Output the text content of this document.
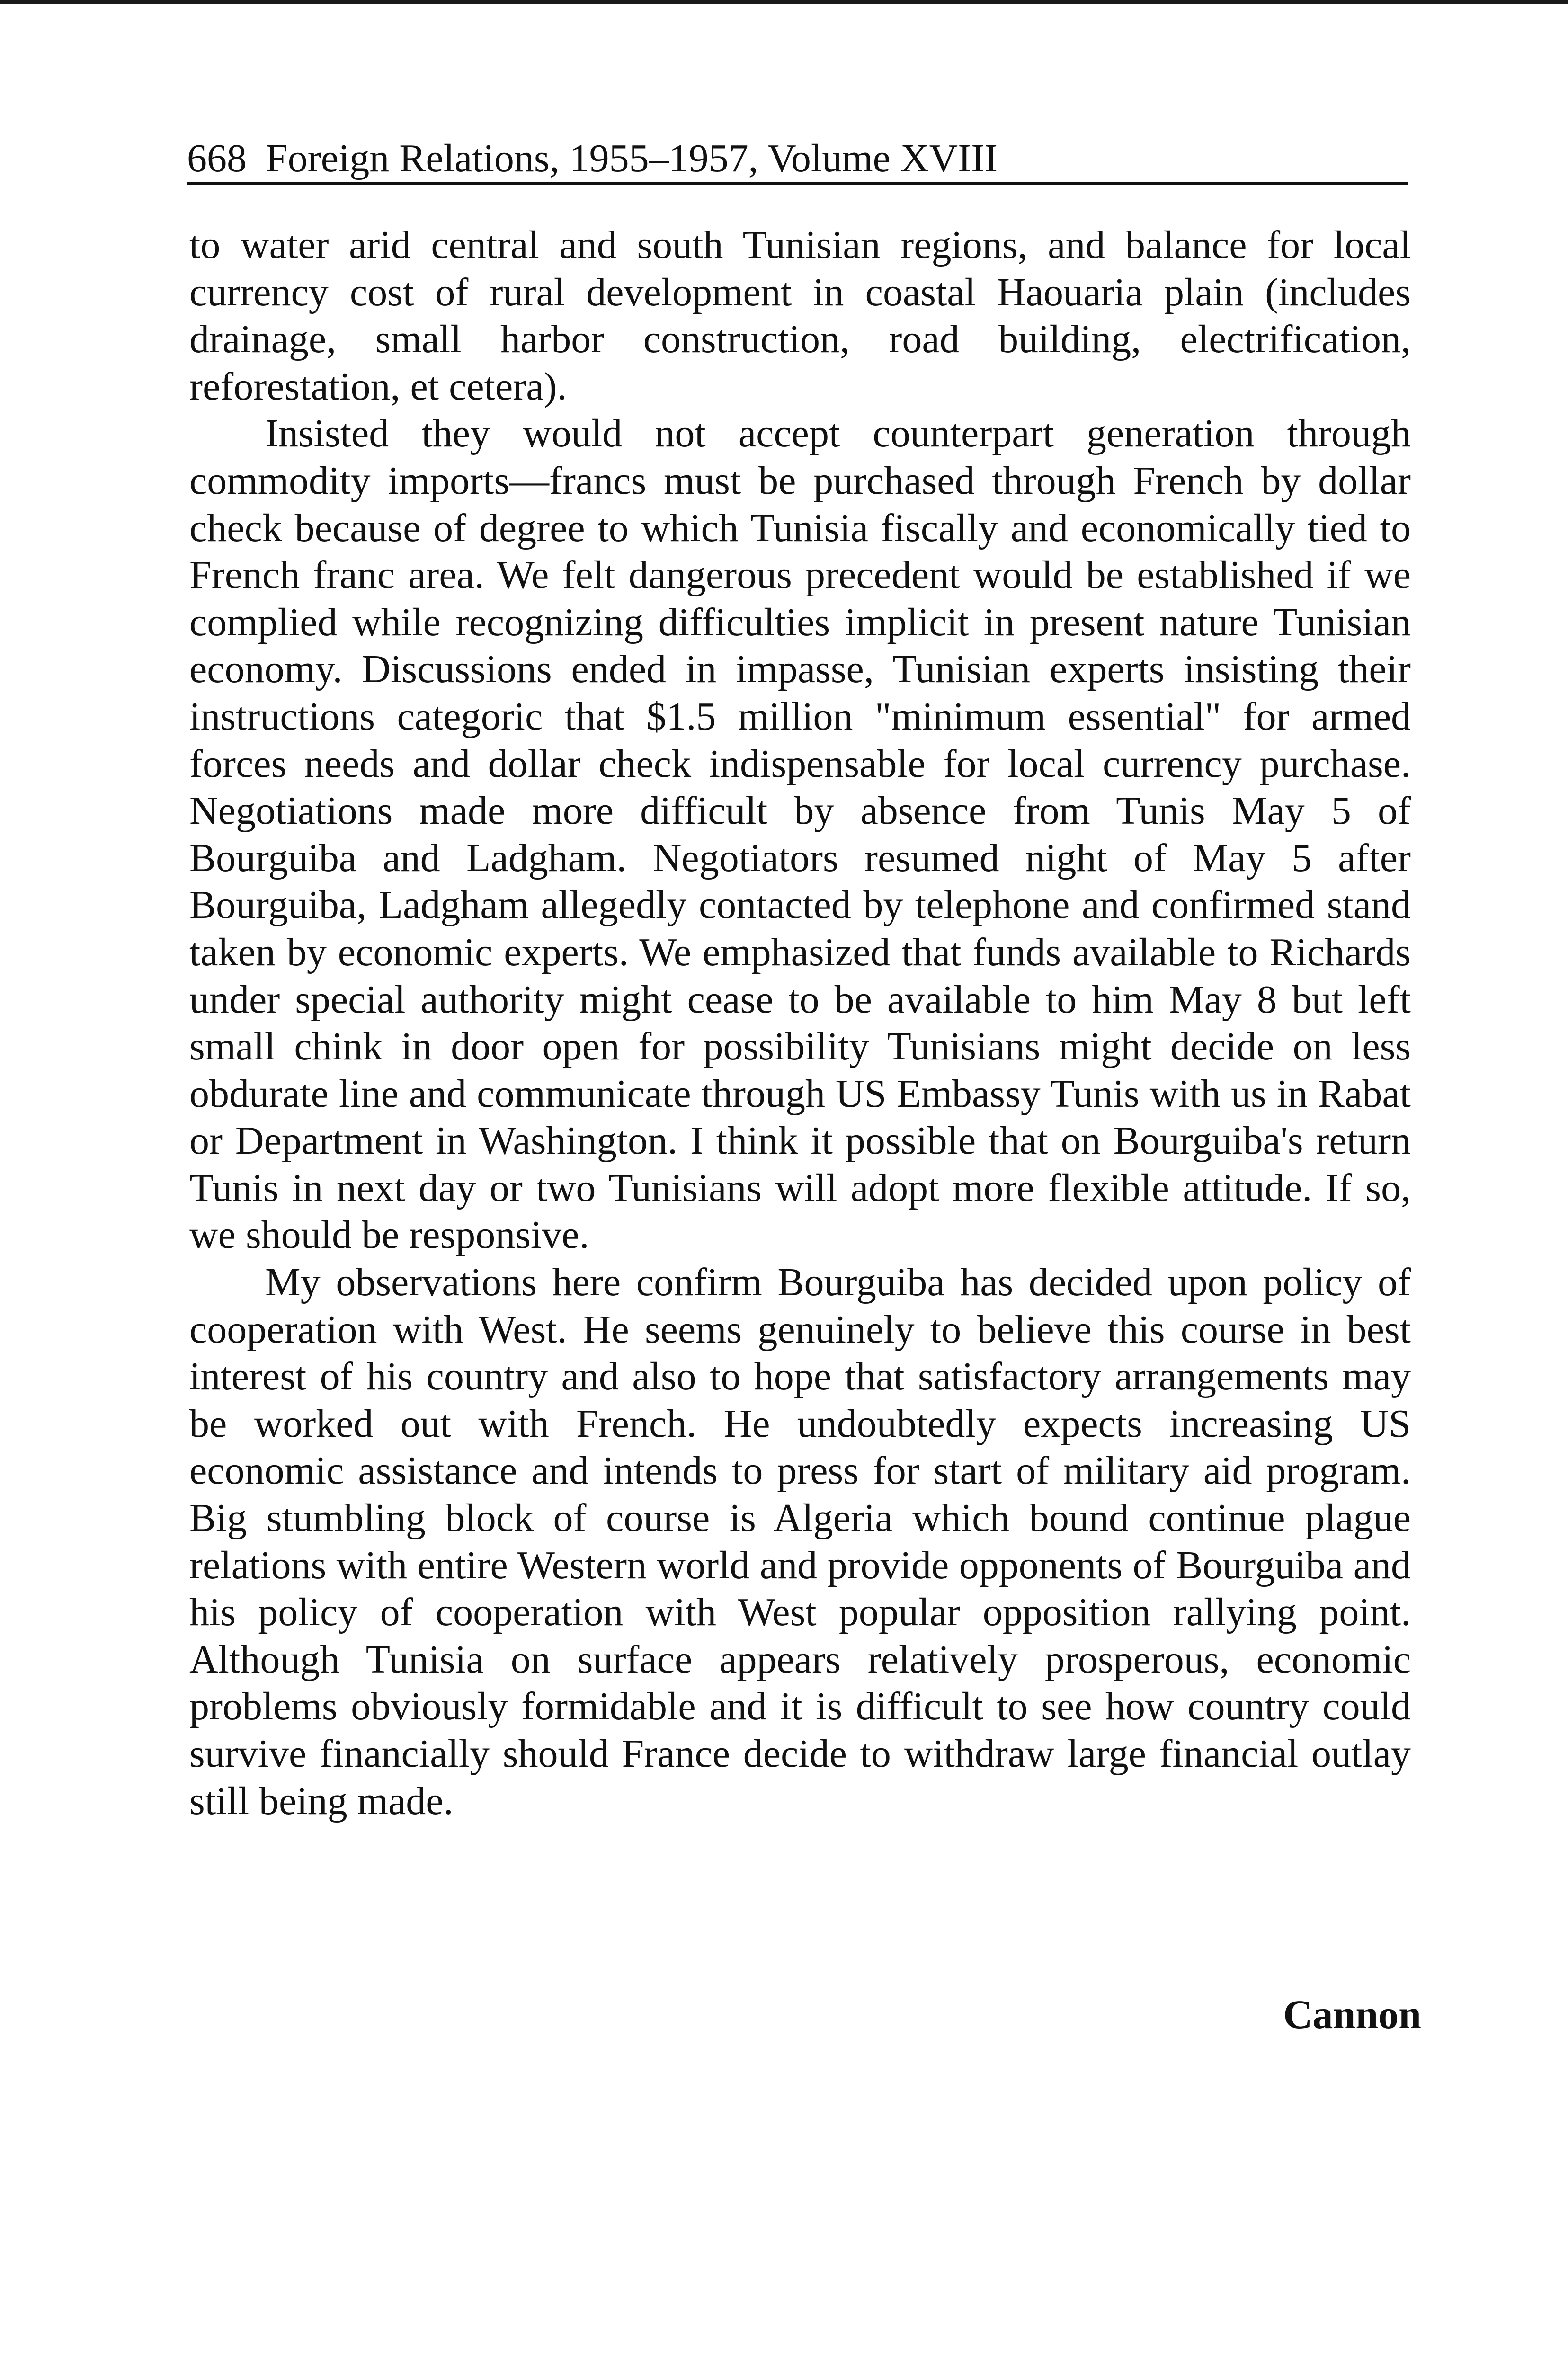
668 Foreign Relations, 1955–1957, Volume XVIII

to water arid central and south Tunisian regions, and balance for local currency cost of rural development in coastal Haouaria plain (includes drainage, small harbor construction, road building, electrification, reforestation, et cetera).

Insisted they would not accept counterpart generation through commodity imports—francs must be purchased through French by dollar check because of degree to which Tunisia fiscally and economically tied to French franc area. We felt dangerous precedent would be established if we complied while recognizing difficulties implicit in present nature Tunisian economy. Discussions ended in impasse, Tunisian experts insisting their instructions categoric that $1.5 million "minimum essential" for armed forces needs and dollar check indispensable for local currency purchase. Negotiations made more difficult by absence from Tunis May 5 of Bourguiba and Ladgham. Negotiators resumed night of May 5 after Bourguiba, Ladgham allegedly contacted by telephone and confirmed stand taken by economic experts. We emphasized that funds available to Richards under special authority might cease to be available to him May 8 but left small chink in door open for possibility Tunisians might decide on less obdurate line and communicate through US Embassy Tunis with us in Rabat or Department in Washington. I think it possible that on Bourguiba's return Tunis in next day or two Tunisians will adopt more flexible attitude. If so, we should be responsive.

My observations here confirm Bourguiba has decided upon policy of cooperation with West. He seems genuinely to believe this course in best interest of his country and also to hope that satisfactory arrangements may be worked out with French. He undoubtedly expects increasing US economic assistance and intends to press for start of military aid program. Big stumbling block of course is Algeria which bound continue plague relations with entire Western world and provide opponents of Bourguiba and his policy of cooperation with West popular opposition rallying point. Although Tunisia on surface appears relatively prosperous, economic problems obviously formidable and it is difficult to see how country could survive financially should France decide to withdraw large financial outlay still being made.

Cannon
